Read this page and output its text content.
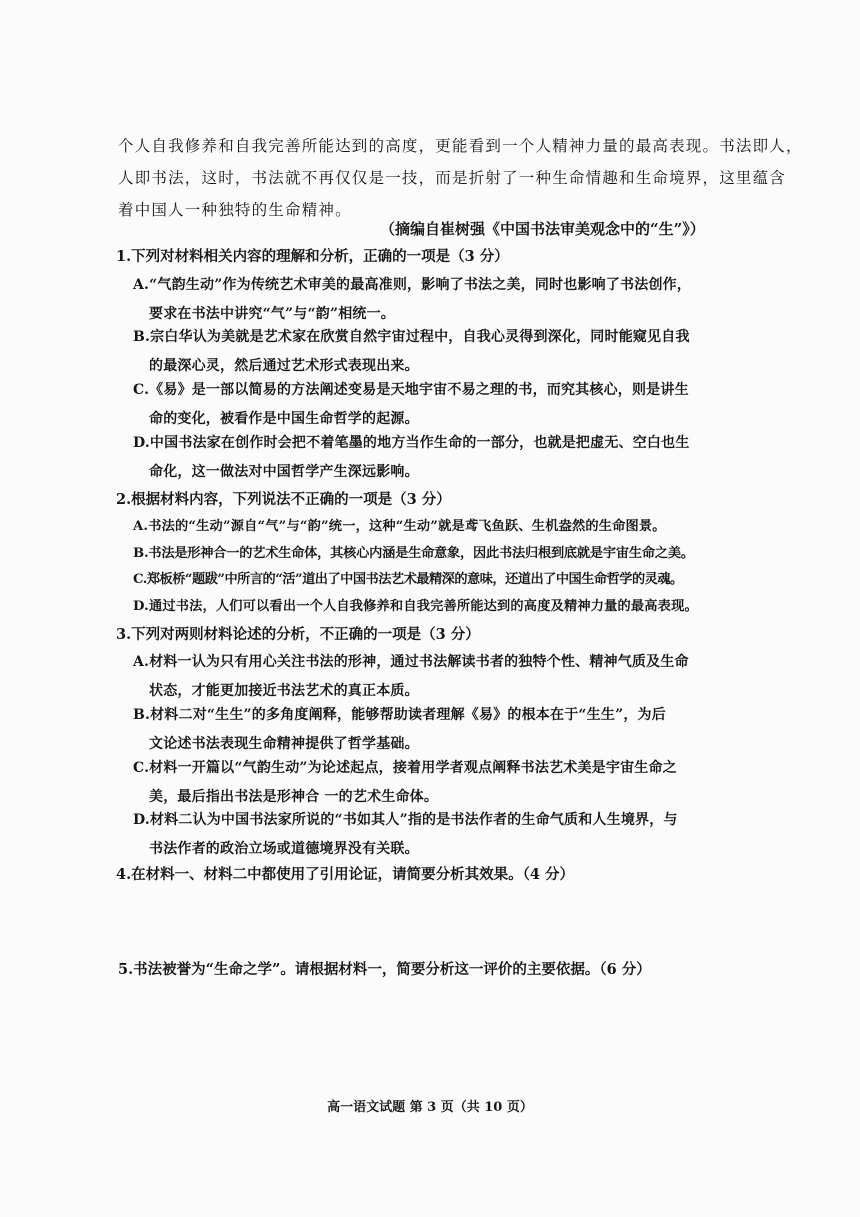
个人自我修养和自我完善所能达到的高度，更能看到一个人精神力量的最高表现。书法即人，
人即书法，这时，书法就不再仅仅是一技，而是折射了一种生命情趣和生命境界，这里蕴含
着中国人一种独特的生命精神。
（摘编自崔树强《中国书法审美观念中的“生”》）
1.下列对材料相关内容的理解和分析，正确的一项是（3 分）
A.“气韵生动”作为传统艺术审美的最高准则，影响了书法之美，同时也影响了书法创作，
要求在书法中讲究“气”与“韵”相统一。
B.宗白华认为美就是艺术家在欣赏自然宇宙过程中，自我心灵得到深化，同时能窥见自我
的最深心灵，然后通过艺术形式表现出来。
C.《易》是一部以简易的方法阐述变易是天地宇宙不易之理的书，而究其核心，则是讲生
命的变化，被看作是中国生命哲学的起源。
D.中国书法家在创作时会把不着笔墨的地方当作生命的一部分，也就是把虚无、空白也生
命化，这一做法对中国哲学产生深远影响。
2.根据材料内容，下列说法不正确的一项是（3 分）
A.书法的“生动”源自“气”与“韵”统一，这种“生动”就是鸢飞鱼跃、生机盎然的生命图景。
B.书法是形神合一的艺术生命体，其核心内涵是生命意象，因此书法归根到底就是宇宙生命之美。
C.郑板桥“题跋”中所言的“活”道出了中国书法艺术最精深的意味，还道出了中国生命哲学的灵魂。
D.通过书法，人们可以看出一个人自我修养和自我完善所能达到的高度及精神力量的最高表现。
3.下列对两则材料论述的分析，不正确的一项是（3 分）
A.材料一认为只有用心关注书法的形神，通过书法解读书者的独特个性、精神气质及生命
状态，才能更加接近书法艺术的真正本质。
B.材料二对“生生”的多角度阐释，能够帮助读者理解《易》的根本在于“生生”，为后
文论述书法表现生命精神提供了哲学基础。
C.材料一开篇以“气韵生动”为论述起点，接着用学者观点阐释书法艺术美是宇宙生命之
美，最后指出书法是形神合 一的艺术生命体。
D.材料二认为中国书法家所说的“书如其人”指的是书法作者的生命气质和人生境界，与
书法作者的政治立场或道德境界没有关联。
4.在材料一、材料二中都使用了引用论证，请简要分析其效果。（4 分）
5.书法被誉为“生命之学”。请根据材料一，简要分析这一评价的主要依据。（6 分）
高一语文试题 第 3 页（共 10 页）
